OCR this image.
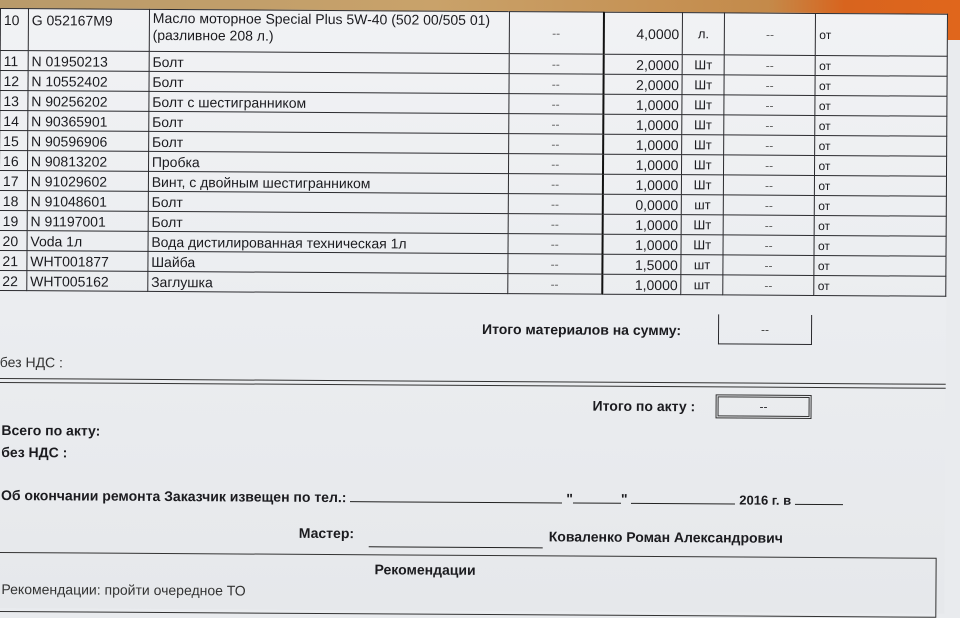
10	G 052167M9	Масло моторное Special Plus 5W-40 (502 00/505 01) (разливное 208 л.)	--	4,0000	л.	--	от
11	N 01950213	Болт	--	2,0000	Шт	--	от
12	N 10552402	Болт	--	2,0000	Шт	--	от
13	N 90256202	Болт с шестигранником	--	1,0000	Шт	--	от
14	N 90365901	Болт	--	1,0000	Шт	--	от
15	N 90596906	Болт	--	1,0000	Шт	--	от
16	N 90813202	Пробка	--	1,0000	Шт	--	от
17	N 91029602	Винт, с двойным шестигранником	--	1,0000	Шт	--	от
18	N 91048601	Болт	--	0,0000	шт	--	от
19	N 91197001	Болт	--	1,0000	Шт	--	от
20	Voda 1л	Вода дистилированная техническая 1л	--	1,0000	Шт	--	от
21	WHT001877	Шайба	--	1,5000	шт	--	от
22	WHT005162	Заглушка	--	1,0000	шт	--	от
Итого материалов на сумму:	--
без НДС :
Итого по акту :	--
Всего по акту:
без НДС :
Об окончании ремонта Заказчик извещен по тел.:	"	"	2016 г. в
Мастер:	Коваленко Роман Александрович
Рекомендации
Рекомендации: пройти очередное ТО
